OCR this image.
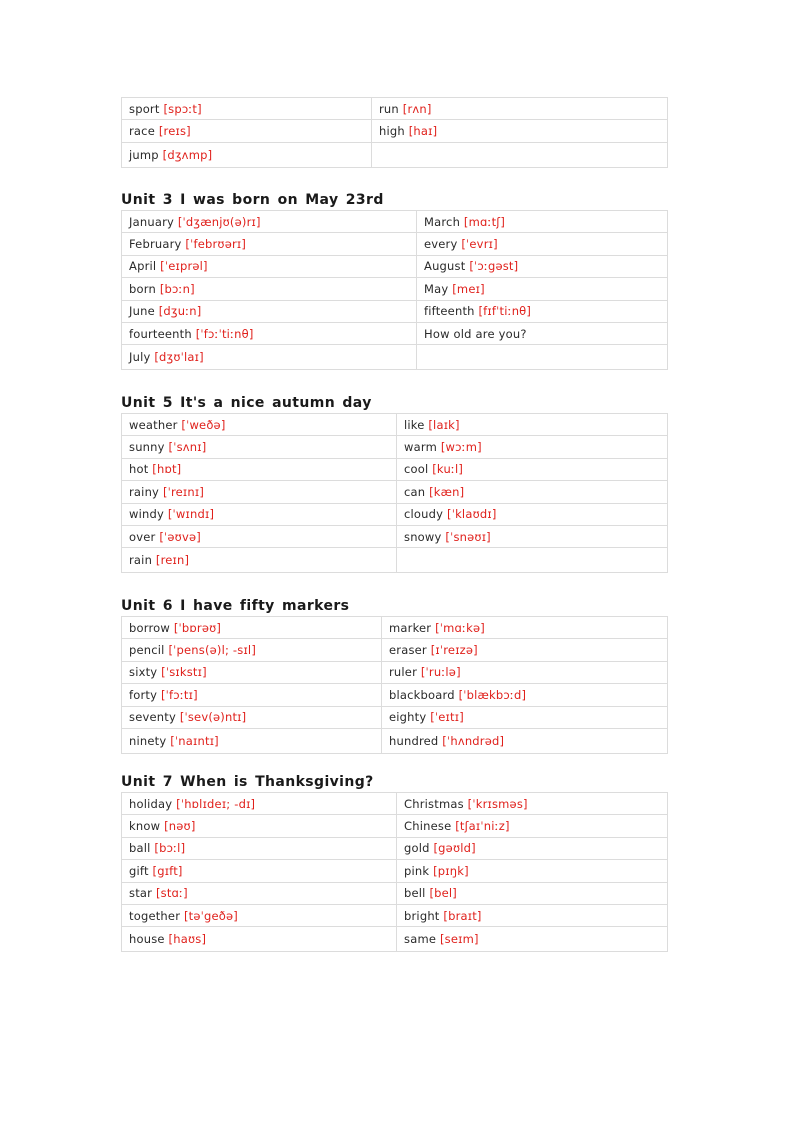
sport [spɔːt]	run [rʌn]
race [reɪs]	high [haɪ]
jump [dʒʌmp]	
Unit 3 I was born on May 23rd
January [ˈdʒænjʊ(ə)rɪ]	March [mɑːtʃ]
February [ˈfebrʊərɪ]	every [ˈevrɪ]
April [ˈeɪprəl]	August [ˈɔːgəst]
born [bɔːn]	May [meɪ]
June [dʒuːn]	fifteenth [fɪfˈtiːnθ]
fourteenth [ˈfɔːˈtiːnθ]	How old are you?
July [dʒʊˈlaɪ]	
Unit 5 It's a nice autumn day
weather [ˈweðə]	like [laɪk]
sunny [ˈsʌnɪ]	warm [wɔːm]
hot [hɒt]	cool [kuːl]
rainy [ˈreɪnɪ]	can [kæn]
windy [ˈwɪndɪ]	cloudy [ˈklaʊdɪ]
over [ˈəʊvə]	snowy [ˈsnəʊɪ]
rain [reɪn]	
Unit 6 I have fifty markers
borrow [ˈbɒrəʊ]	marker [ˈmɑːkə]
pencil [ˈpens(ə)l; -sɪl]	eraser [ɪˈreɪzə]
sixty [ˈsɪkstɪ]	ruler [ˈruːlə]
forty [ˈfɔːtɪ]	blackboard [ˈblækbɔːd]
seventy [ˈsev(ə)ntɪ]	eighty [ˈeɪtɪ]
ninety [ˈnaɪntɪ]	hundred [ˈhʌndrəd]
Unit 7 When is Thanksgiving?
holiday [ˈhɒlɪdeɪ; -dɪ]	Christmas [ˈkrɪsməs]
know [nəʊ]	Chinese [tʃaɪˈniːz]
ball [bɔːl]	gold [gəʊld]
gift [gɪft]	pink [pɪŋk]
star [stɑː]	bell [bel]
together [təˈgeðə]	bright [braɪt]
house [haʊs]	same [seɪm]
